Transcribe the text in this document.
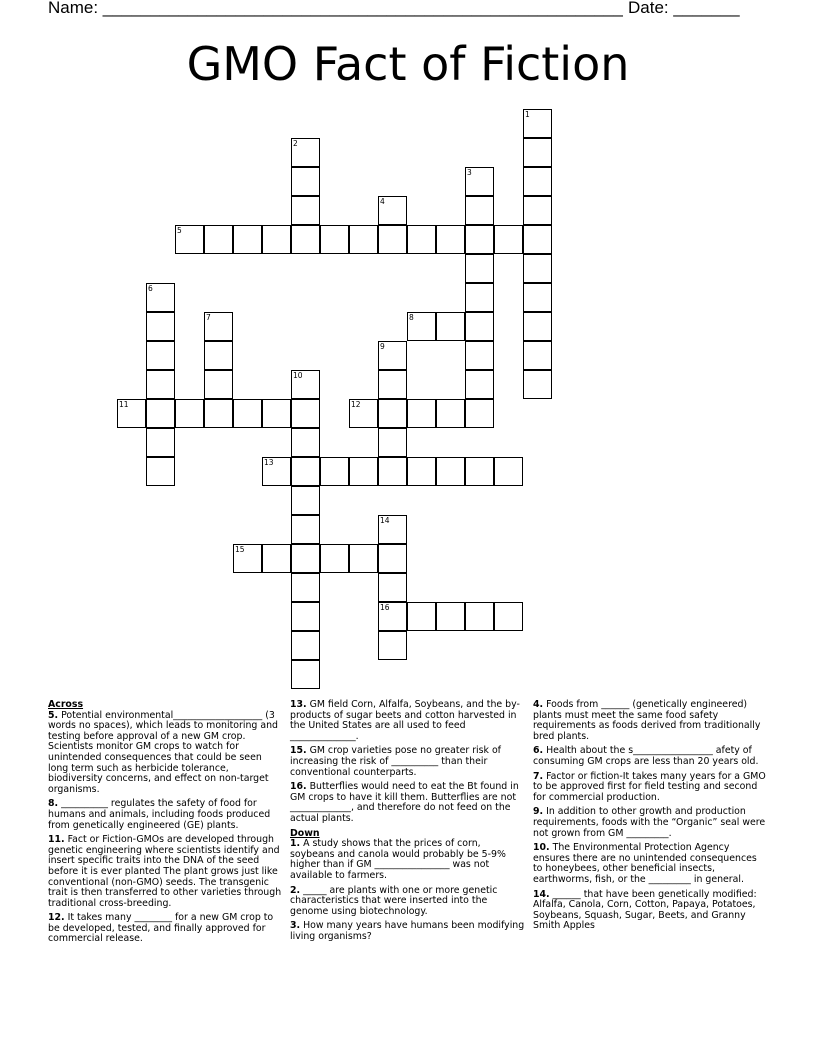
Name: _______________________________________________________ Date: _______
GMO Fact of Fiction
1
2
3
4
5
6
7	8
9
10
11	12
13
14
16
15

Across

5. Potential environmental___________________ (3 words no spaces), which leads to monitoring and testing before approval of a new GM crop. Scientists monitor GM crops to watch for unintended consequences that could be seen long term such as herbicide tolerance, biodiversity concerns, and effect on non-target organisms.

8. __________ regulates the safety of food for humans and animals, including foods produced from genetically engineered (GE) plants.

11. Fact or Fiction-GMOs are developed through genetic engineering where scientists identify and insert specific traits into the DNA of the seed before it is ever planted The plant grows just like conventional (non-GMO) seeds. The transgenic trait is then transferred to other varieties through traditional cross-breeding.

12. It takes many ________ for a new GM crop to be developed, tested, and finally approved for commercial release.

13. GM field Corn, Alfalfa, Soybeans, and the by-products of sugar beets and cotton harvested in the United States are all used to feed ______________.

15. GM crop varieties pose no greater risk of increasing the risk of __________ than their conventional counterparts.

16. Butterflies would need to eat the Bt found in GM crops to have it kill them. Butterflies are not _____________, and therefore do not feed on the actual plants.

Down

1. A study shows that the prices of corn, soybeans and canola would probably be 5-9% higher than if GM ________________ was not available to farmers.

2. _____ are plants with one or more genetic characteristics that were inserted into the genome using biotechnology.

3. How many years have humans been modifying living organisms?

4. Foods from ______ (genetically engineered) plants must meet the same food safety requirements as foods derived from traditionally bred plants.

6. Health about the s_________________ afety of consuming GM crops are less than 20 years old.

7. Factor or fiction-It takes many years for a GMO to be approved first for field testing and second for commercial production.

9. In addition to other growth and production requirements, foods with the “Organic” seal were not grown from GM _________.

10. The Environmental Protection Agency ensures there are no unintended consequences to honeybees, other beneficial insects, earthworms, fish, or the _________ in general.

14. ______ that have been genetically modified: Alfalfa, Canola, Corn, Cotton, Papaya, Potatoes, Soybeans, Squash, Sugar, Beets, and Granny Smith Apples
